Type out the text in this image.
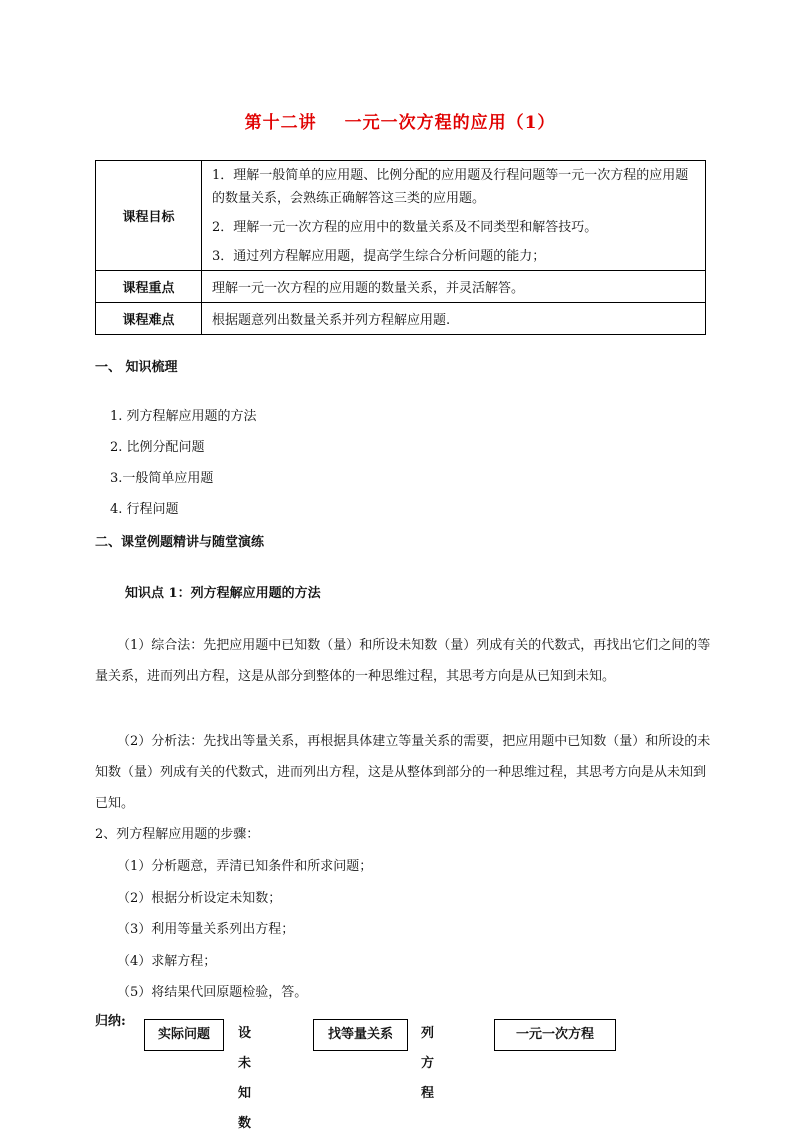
第十二讲 一元一次方程的应用（1）
课程目标	1．理解一般简单的应用题、比例分配的应用题及行程问题等一元一次方程的应用题的数量关系，会熟练正确解答这三类的应用题。
2．理解一元一次方程的应用中的数量关系及不同类型和解答技巧。
3．通过列方程解应用题，提高学生综合分析问题的能力；

课程重点	理解一元一次方程的应用题的数量关系，并灵活解答。
课程难点	根据题意列出数量关系并列方程解应用题.
一、 知识梳理
1. 列方程解应用题的方法
2. 比例分配问题
3.一般简单应用题
4. 行程问题
二、课堂例题精讲与随堂演练
知识点 1：列方程解应用题的方法
（1）综合法：先把应用题中已知数（量）和所设未知数（量）列成有关的代数式，再找出它们之间的等量关系，进而列出方程，这是从部分到整体的一种思维过程，其思考方向是从已知到未知。
（2）分析法：先找出等量关系，再根据具体建立等量关系的需要，把应用题中已知数（量）和所设的未知数（量）列成有关的代数式，进而列出方程，这是从整体到部分的一种思维过程，其思考方向是从未知到已知。
2、列方程解应用题的步骤：
（1）分析题意，弄清已知条件和所求问题；
（2）根据分析设定未知数；
（3）利用等量关系列出方程；
（4）求解方程；
（5）将结果代回原题检验，答。
归纳:
实际问题	设未知数
找等量关系	列方程
一元一次方程
